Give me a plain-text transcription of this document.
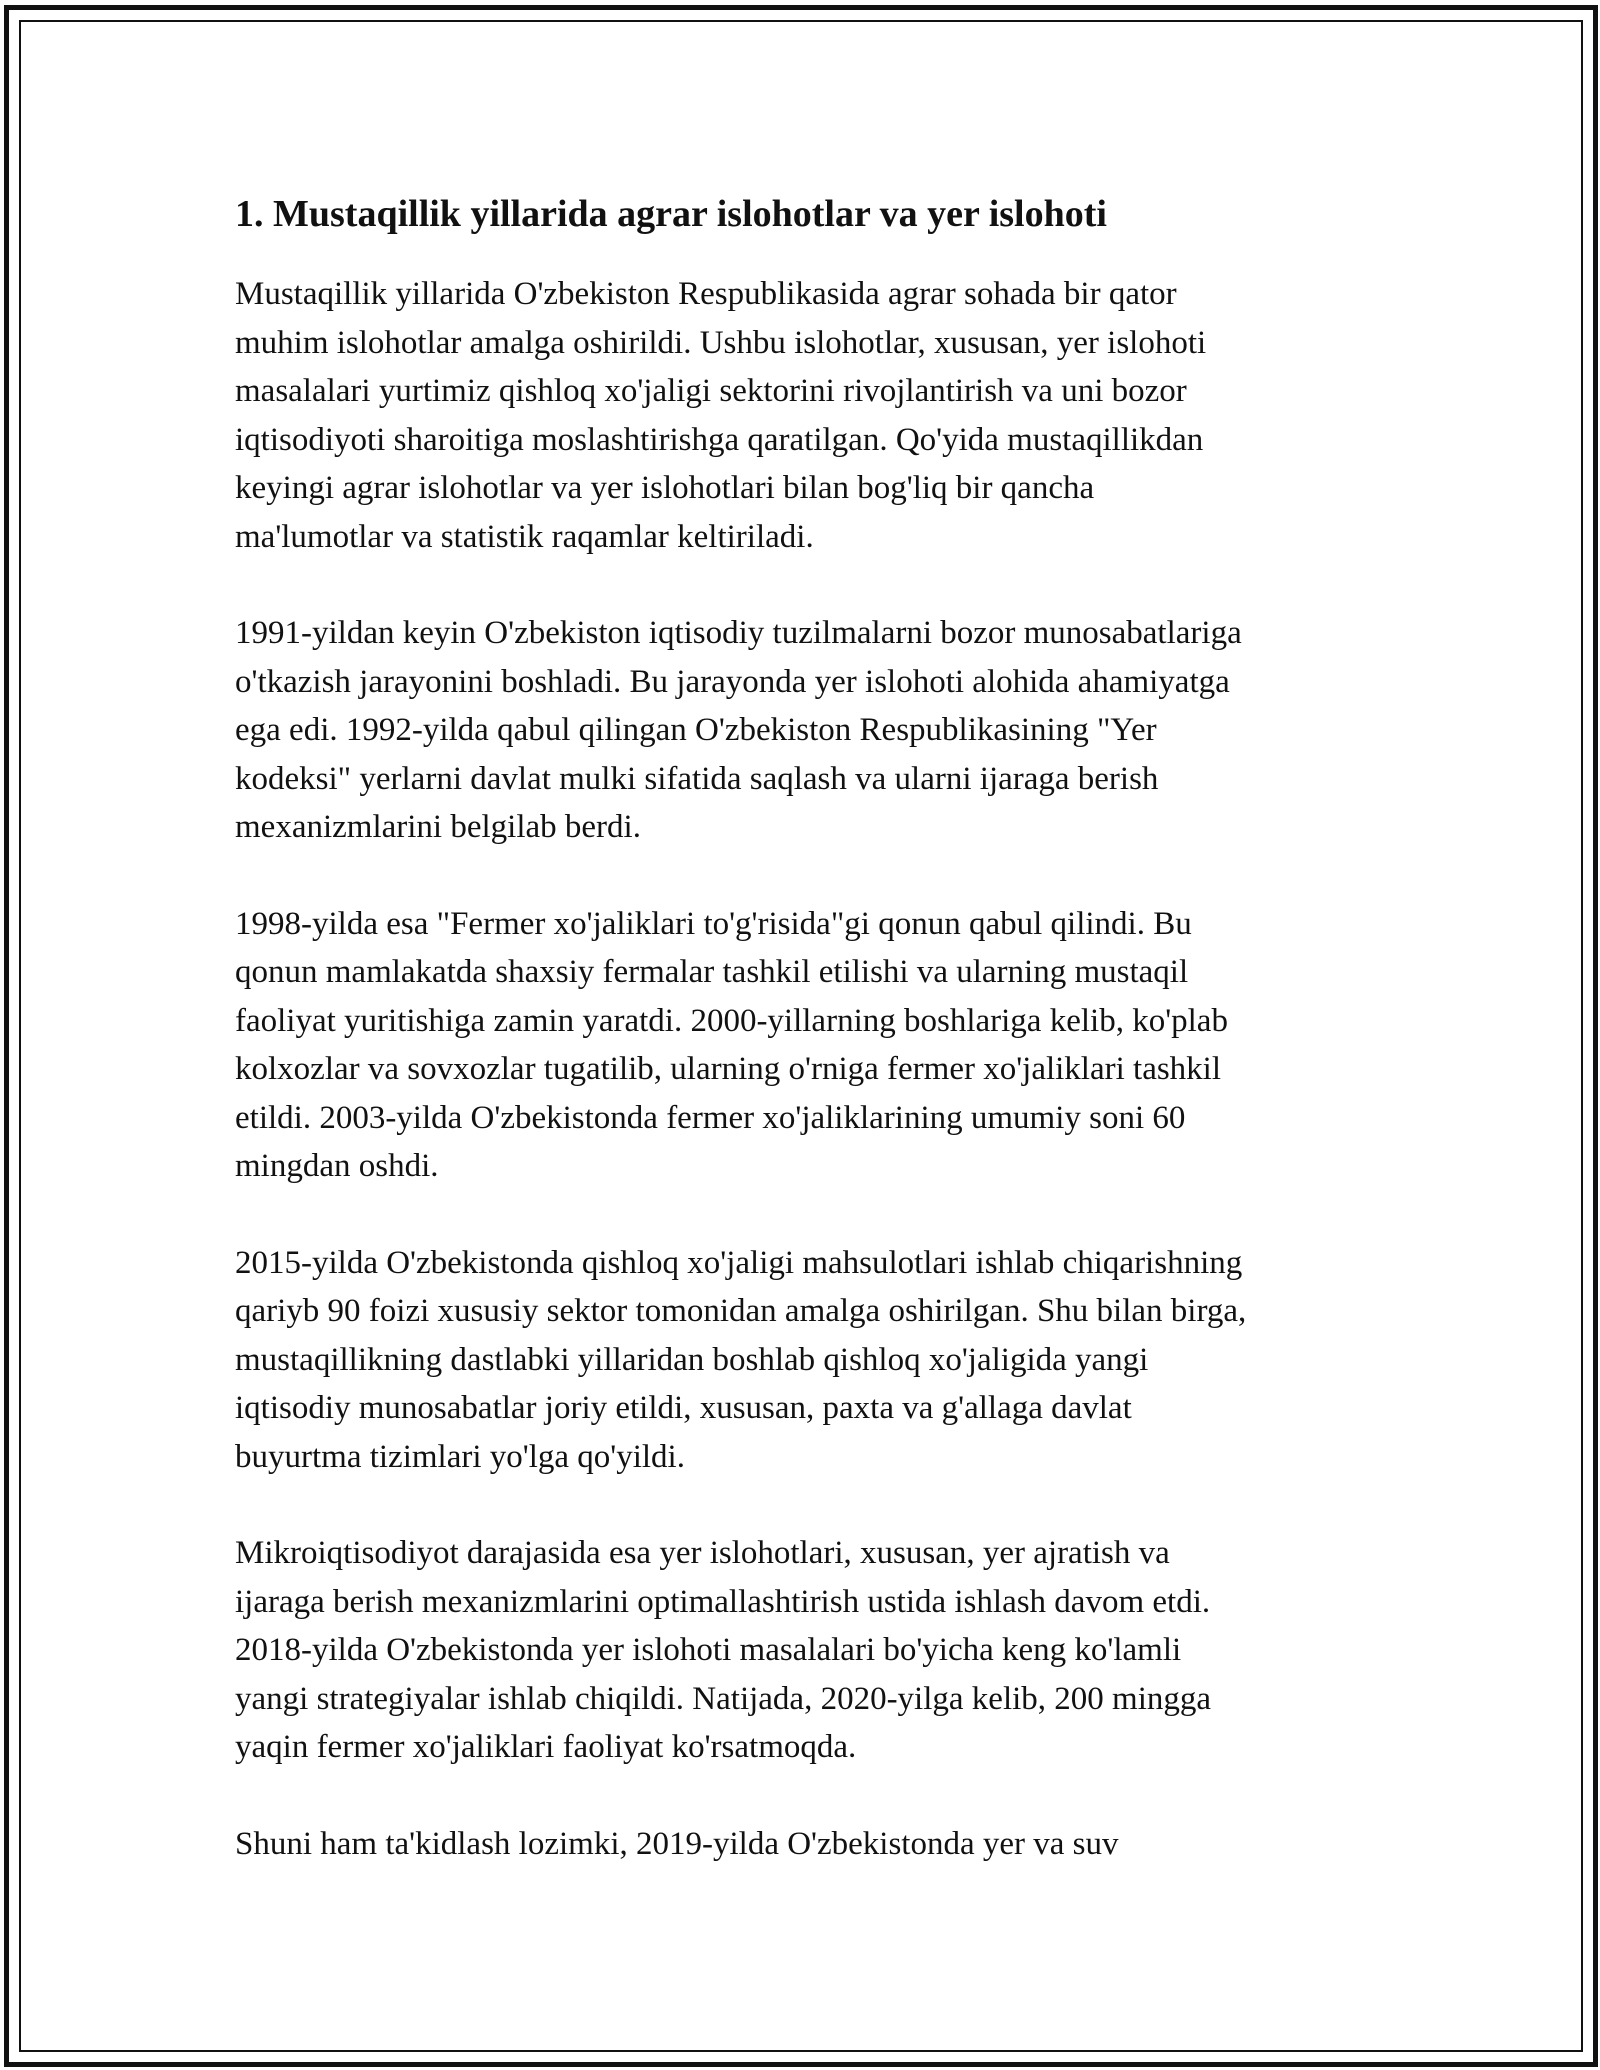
1. Mustaqillik yillarida agrar islohotlar va yer islohoti

Mustaqillik yillarida O'zbekiston Respublikasida agrar sohada bir qator
muhim islohotlar amalga oshirildi. Ushbu islohotlar, xususan, yer islohoti
masalalari yurtimiz qishloq xo'jaligi sektorini rivojlantirish va uni bozor
iqtisodiyoti sharoitiga moslashtirishga qaratilgan. Qo'yida mustaqillikdan
keyingi agrar islohotlar va yer islohotlari bilan bog'liq bir qancha
ma'lumotlar va statistik raqamlar keltiriladi.

1991-yildan keyin O'zbekiston iqtisodiy tuzilmalarni bozor munosabatlariga
o'tkazish jarayonini boshladi. Bu jarayonda yer islohoti alohida ahamiyatga
ega edi. 1992-yilda qabul qilingan O'zbekiston Respublikasining "Yer
kodeksi" yerlarni davlat mulki sifatida saqlash va ularni ijaraga berish
mexanizmlarini belgilab berdi.

1998-yilda esa "Fermer xo'jaliklari to'g'risida"gi qonun qabul qilindi. Bu
qonun mamlakatda shaxsiy fermalar tashkil etilishi va ularning mustaqil
faoliyat yuritishiga zamin yaratdi. 2000-yillarning boshlariga kelib, ko'plab
kolxozlar va sovxozlar tugatilib, ularning o'rniga fermer xo'jaliklari tashkil
etildi. 2003-yilda O'zbekistonda fermer xo'jaliklarining umumiy soni 60
mingdan oshdi.

2015-yilda O'zbekistonda qishloq xo'jaligi mahsulotlari ishlab chiqarishning
qariyb 90 foizi xususiy sektor tomonidan amalga oshirilgan. Shu bilan birga,
mustaqillikning dastlabki yillaridan boshlab qishloq xo'jaligida yangi
iqtisodiy munosabatlar joriy etildi, xususan, paxta va g'allaga davlat
buyurtma tizimlari yo'lga qo'yildi.

Mikroiqtisodiyot darajasida esa yer islohotlari, xususan, yer ajratish va
ijaraga berish mexanizmlarini optimallashtirish ustida ishlash davom etdi.
2018-yilda O'zbekistonda yer islohoti masalalari bo'yicha keng ko'lamli
yangi strategiyalar ishlab chiqildi. Natijada, 2020-yilga kelib, 200 mingga
yaqin fermer xo'jaliklari faoliyat ko'rsatmoqda.

Shuni ham ta'kidlash lozimki, 2019-yilda O'zbekistonda yer va suv
